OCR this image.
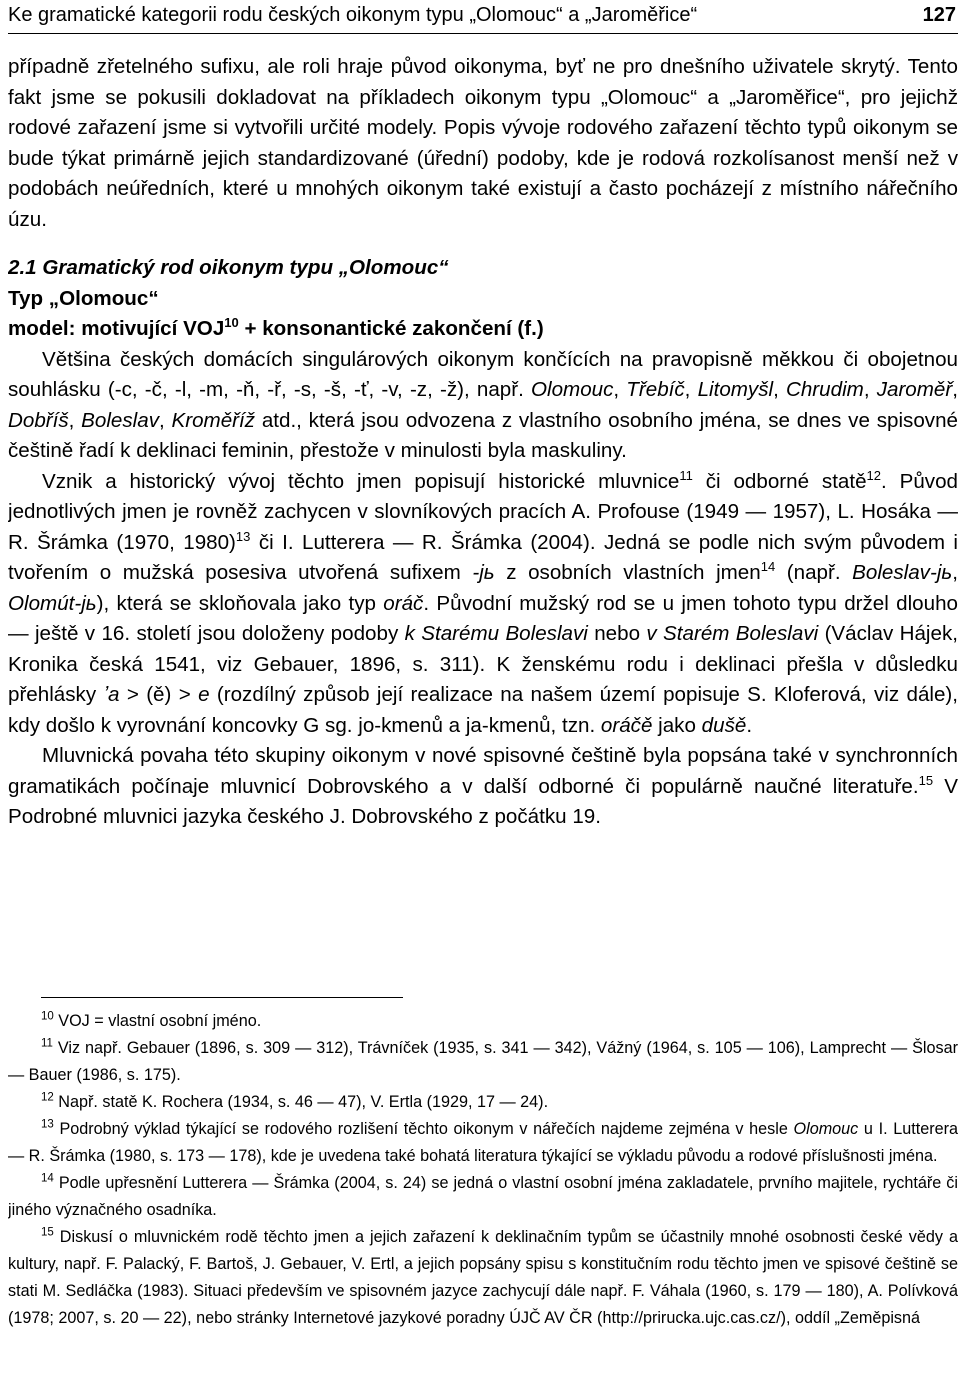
Ke gramatické kategorii rodu českých oikonym typu „Olomouc“ a „Jaroměřice“	127

případně zřetelného sufixu, ale roli hraje původ oikonyma, byť ne pro dnešního uživatele skrytý. Tento fakt jsme se pokusili dokladovat na příkladech oikonym typu „Olomouc“ a „Jaroměřice“, pro jejichž rodové zařazení jsme si vytvořili určité modely. Popis vývoje rodového zařazení těchto typů oikonym se bude týkat primárně jejich standardizované (úřední) podoby, kde je rodová rozkolísanost menší než v podobách neúředních, které u mnohých oikonym také existují a často pocházejí z místního nářečního úzu.

2.1 Gramatický rod oikonym typu „Olomouc“
Typ „Olomouc“
model: motivující $VOJ^{10}$ + konsonantické zakončení (f.)

Většina českých domácích singulárových oikonym končících na pravopisně měkkou či obojetnou souhlásku (-c, -č, -l, -m, -ň, -ř, -s, -š, -ť, -v, -z, -ž), např. Olomouc, Třebíč, Litomyšl, Chrudim, Jaroměř, Dobříš, Boleslav, Kroměříž atd., která jsou odvozena z vlastního osobního jména, se dnes ve spisovné češtině řadí k deklinaci feminin, přestože v minulosti byla maskuliny.

Vznik a historický vývoj těchto jmen popisují historické mluvnice$^{11}$ či odborné statě$^{12}$. Původ jednotlivých jmen je rovněž zachycen v slovníkových pracích A. Profouse (1949 — 1957), L. Hosáka — R. Šrámka (1970, 1980)$^{13}$ či I. Lutterera — R. Šrámka (2004). Jedná se podle nich svým původem i tvořením o mužská posesiva utvořená sufixem -jь z osobních vlastních jmen$^{14}$ (např. Boleslav-jь, Olomút-jь), která se skloňovala jako typ oráč. Původní mužský rod se u jmen tohoto typu držel dlouho — ještě v 16. století jsou doloženy podoby k Starému Boleslavi nebo v Starém Boleslavi (Václav Hájek, Kronika česká 1541, viz Gebauer, 1896, s. 311). K ženskému rodu i deklinaci přešla v důsledku přehlásky ʼa > (ě) > e (rozdílný způsob její realizace na našem území popisuje S. Kloferová, viz dále), kdy došlo k vyrovnání koncovky G sg. jo-kmenů a ja-kmenů, tzn. oráčě jako dušě.

Mluvnická povaha této skupiny oikonym v nové spisovné češtině byla popsána také v synchronních gramatikách počínaje mluvnicí Dobrovského a v další odborné či populárně naučné literatuře.$^{15}$ V Podrobné mluvnici jazyka českého J. Dobrovského z počátku 19.

$^{10}$ VOJ = vlastní osobní jméno.

$^{11}$ Viz např. Gebauer (1896, s. 309 — 312), Trávníček (1935, s. 341 — 342), Vážný (1964, s. 105 — 106), Lamprecht — Šlosar — Bauer (1986, s. 175).

$^{12}$ Např. statě K. Rochera (1934, s. 46 — 47), V. Ertla (1929, 17 — 24).

$^{13}$ Podrobný výklad týkající se rodového rozlišení těchto oikonym v nářečích najdeme zejména v hesle Olomouc u I. Lutterera — R. Šrámka (1980, s. 173 — 178), kde je uvedena také bohatá literatura týkající se výkladu původu a rodové příslušnosti jména.

$^{14}$ Podle upřesnění Lutterera — Šrámka (2004, s. 24) se jedná o vlastní osobní jména zakladatele, prvního majitele, rychtáře či jiného význačného osadníka.

$^{15}$ Diskusí o mluvnickém rodě těchto jmen a jejich zařazení k deklinačním typům se účastnily mnohé osobnosti české vědy a kultury, např. F. Palacký, F. Bartoš, J. Gebauer, V. Ertl, a jejich popsány spisu s konstitučním rodu těchto jmen ve spisové češtině se stati M. Sedláčka (1983). Situaci především ve spisovném jazyce zachycují dále např. F. Váhala (1960, s. 179 — 180), A. Polívková (1978; 2007, s. 20 — 22), nebo stránky Internetové jazykové poradny ÚJČ AV ČR (http://prirucka.ujc.cas.cz/), oddíl „Zeměpisná
